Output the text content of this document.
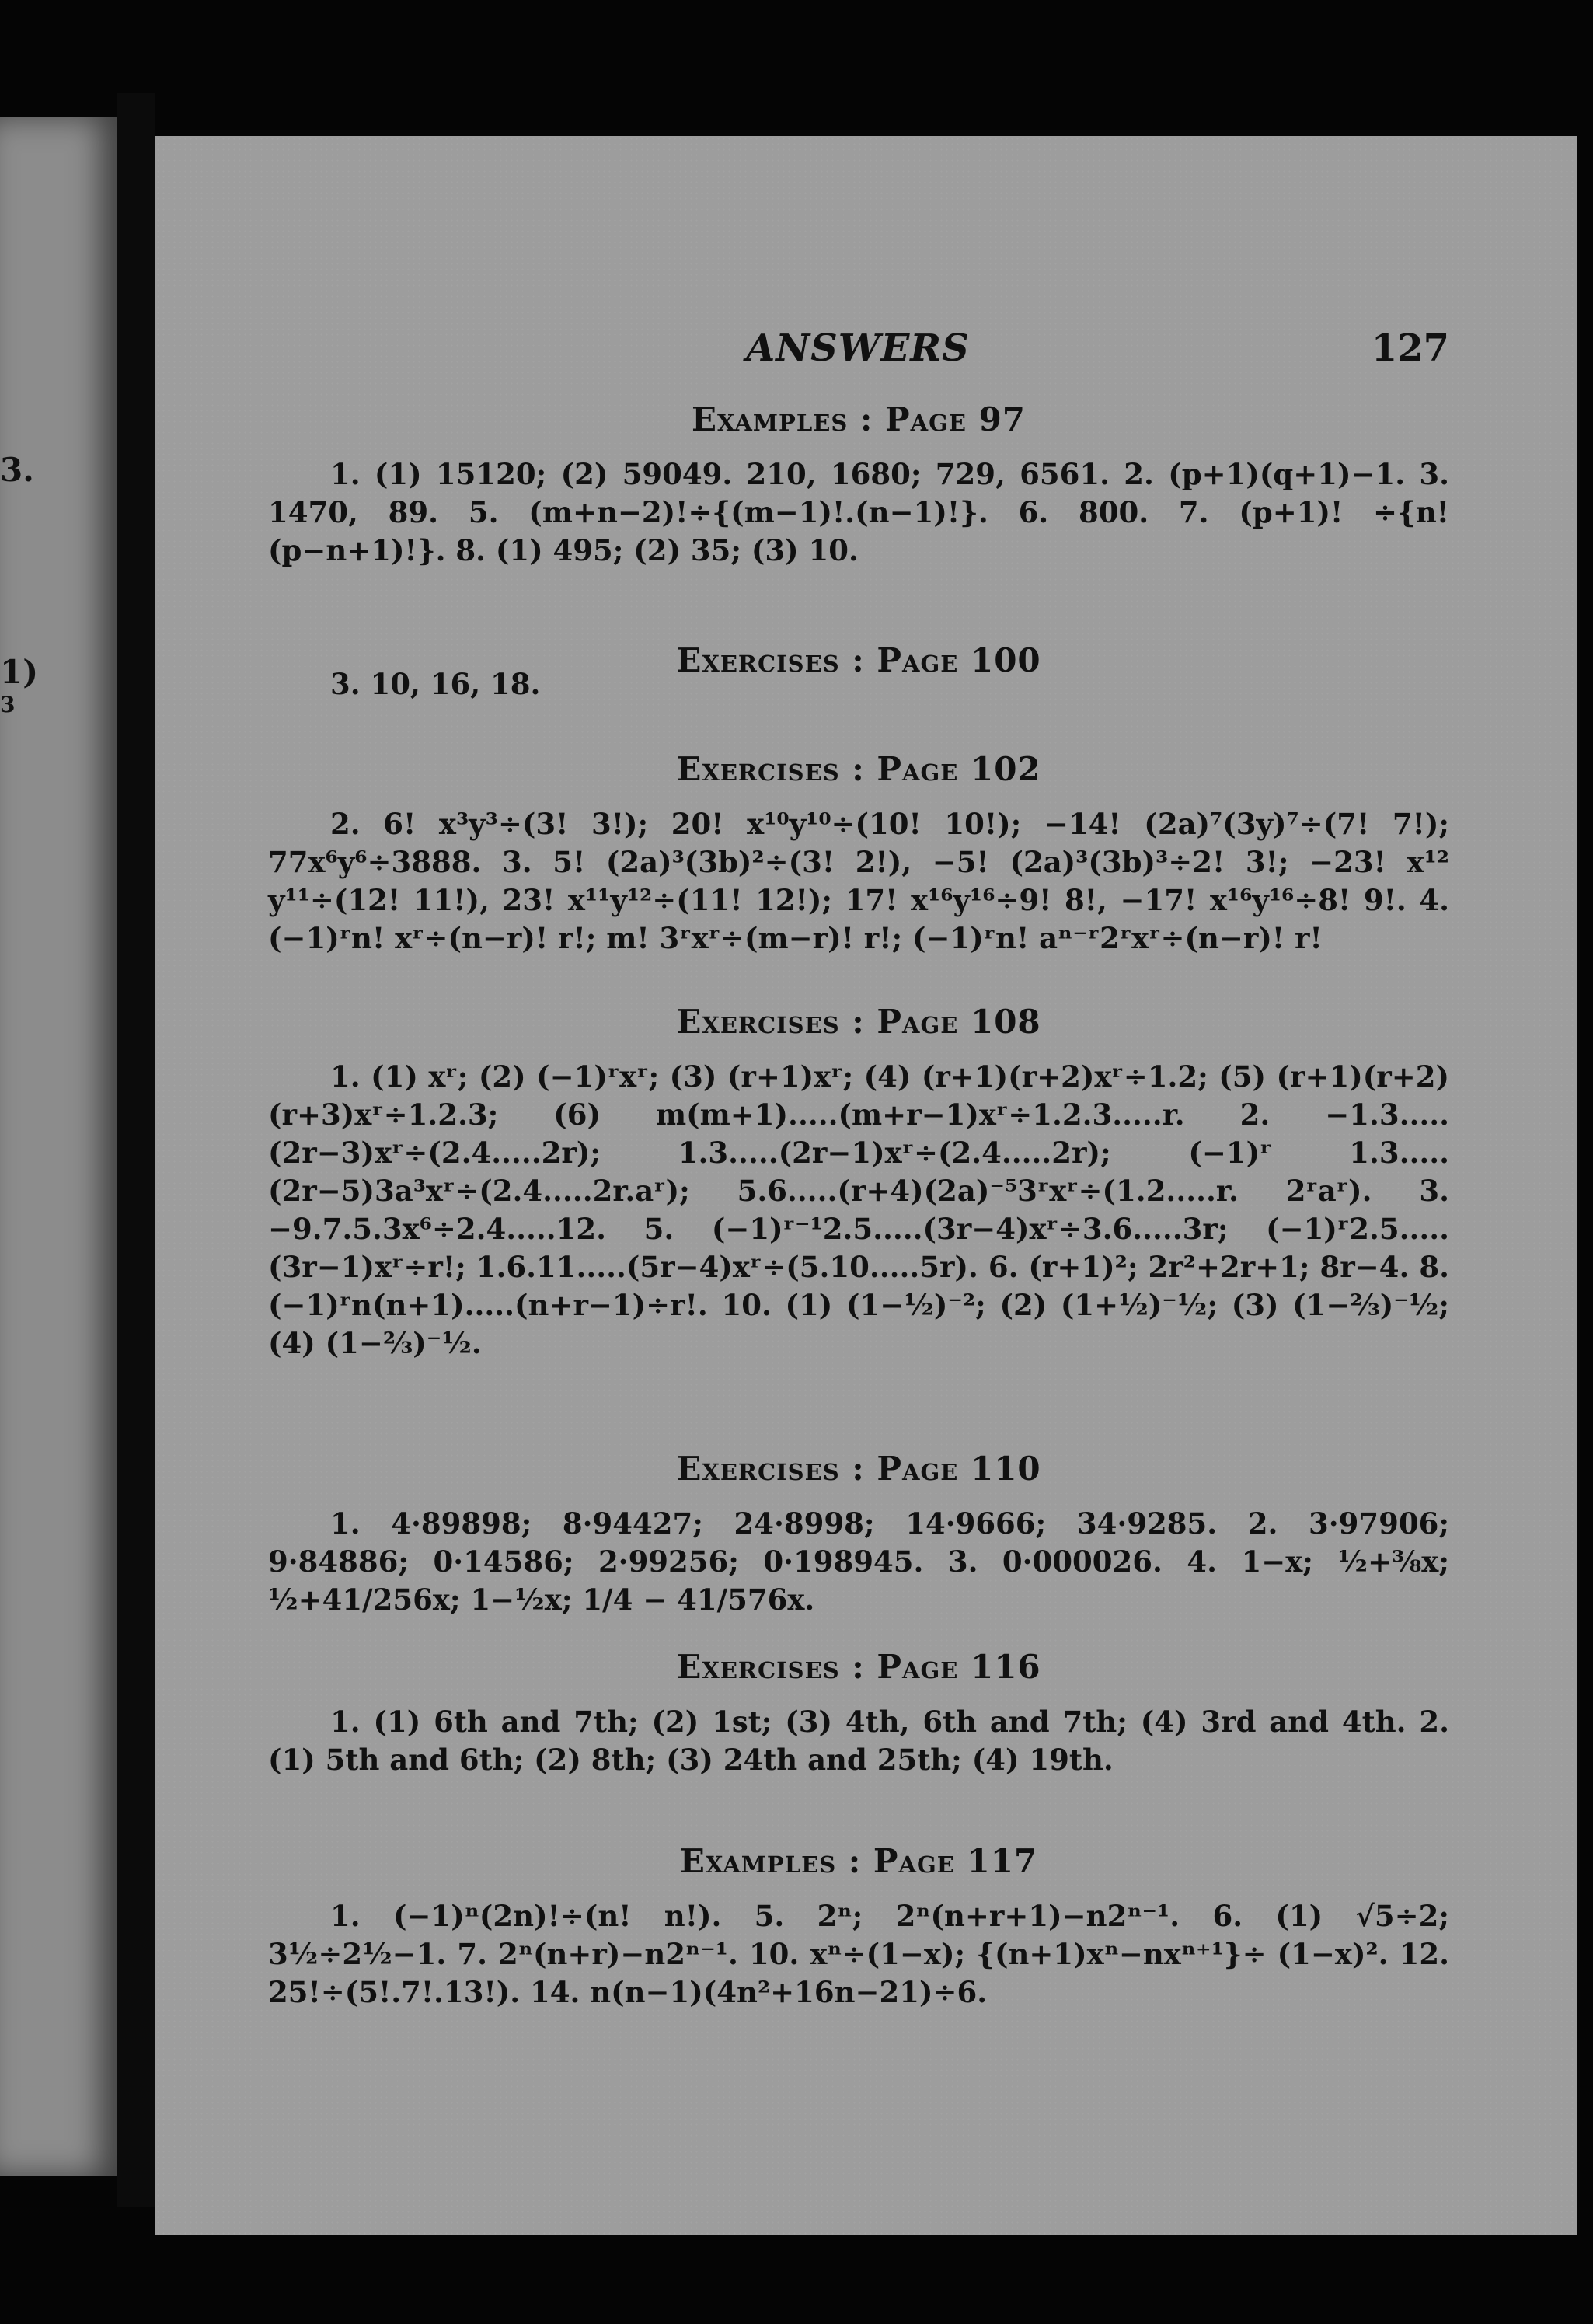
3.
1)
3
ANSWERS	127
Examples : Page 97

1. (1) 15120; (2) 59049. 210, 1680; 729, 6561. 2. (p+1)(q+1)−1. 3. 1470, 89. 5. (m+n−2)!÷{(m−1)!.(n−1)!}. 6. 800. 7. (p+1)! ÷{n!(p−n+1)!}. 8. (1) 495; (2) 35; (3) 10.

Exercises : Page 100

3. 10, 16, 18.

Exercises : Page 102

2. 6! x³y³÷(3! 3!); 20! x¹⁰y¹⁰÷(10! 10!); −14! (2a)⁷(3y)⁷÷(7! 7!); 77x⁶y⁶÷3888. 3. 5! (2a)³(3b)²÷(3! 2!), −5! (2a)³(3b)³÷2! 3!; −23! x¹² y¹¹÷(12! 11!), 23! x¹¹y¹²÷(11! 12!); 17! x¹⁶y¹⁶÷9! 8!, −17! x¹⁶y¹⁶÷8! 9!. 4. (−1)ʳn! xʳ÷(n−r)! r!; m! 3ʳxʳ÷(m−r)! r!; (−1)ʳn! aⁿ⁻ʳ2ʳxʳ÷(n−r)! r!

Exercises : Page 108

1. (1) xʳ; (2) (−1)ʳxʳ; (3) (r+1)xʳ; (4) (r+1)(r+2)xʳ÷1.2; (5) (r+1)(r+2)(r+3)xʳ÷1.2.3; (6) m(m+1).....(m+r−1)xʳ÷1.2.3.....r. 2. −1.3.....(2r−3)xʳ÷(2.4.....2r); 1.3.....(2r−1)xʳ÷(2.4.....2r); (−1)ʳ 1.3.....(2r−5)3a³xʳ÷(2.4.....2r.aʳ); 5.6.....(r+4)(2a)⁻⁵3ʳxʳ÷(1.2.....r. 2ʳaʳ). 3. −9.7.5.3x⁶÷2.4.....12. 5. (−1)ʳ⁻¹2.5.....(3r−4)xʳ÷3.6.....3r; (−1)ʳ2.5.....(3r−1)xʳ÷r!; 1.6.11.....(5r−4)xʳ÷(5.10.....5r). 6. (r+1)²; 2r²+2r+1; 8r−4. 8. (−1)ʳn(n+1).....(n+r−1)÷r!. 10. (1) (1−½)⁻²; (2) (1+½)⁻½; (3) (1−⅔)⁻½; (4) (1−⅔)⁻½.

Exercises : Page 110

1. 4·89898; 8·94427; 24·8998; 14·9666; 34·9285. 2. 3·97906; 9·84886; 0·14586; 2·99256; 0·198945. 3. 0·000026. 4. 1−x; ½+⅜x; ½+41/256x; 1−½x; 1/4 − 41/576x.

Exercises : Page 116

1. (1) 6th and 7th; (2) 1st; (3) 4th, 6th and 7th; (4) 3rd and 4th. 2. (1) 5th and 6th; (2) 8th; (3) 24th and 25th; (4) 19th.

Examples : Page 117

1. (−1)ⁿ(2n)!÷(n! n!). 5. 2ⁿ; 2ⁿ(n+r+1)−n2ⁿ⁻¹. 6. (1) √5÷2; 3½÷2½−1. 7. 2ⁿ(n+r)−n2ⁿ⁻¹. 10. xⁿ÷(1−x); {(n+1)xⁿ−nxⁿ⁺¹}÷ (1−x)². 12. 25!÷(5!.7!.13!). 14. n(n−1)(4n²+16n−21)÷6.
